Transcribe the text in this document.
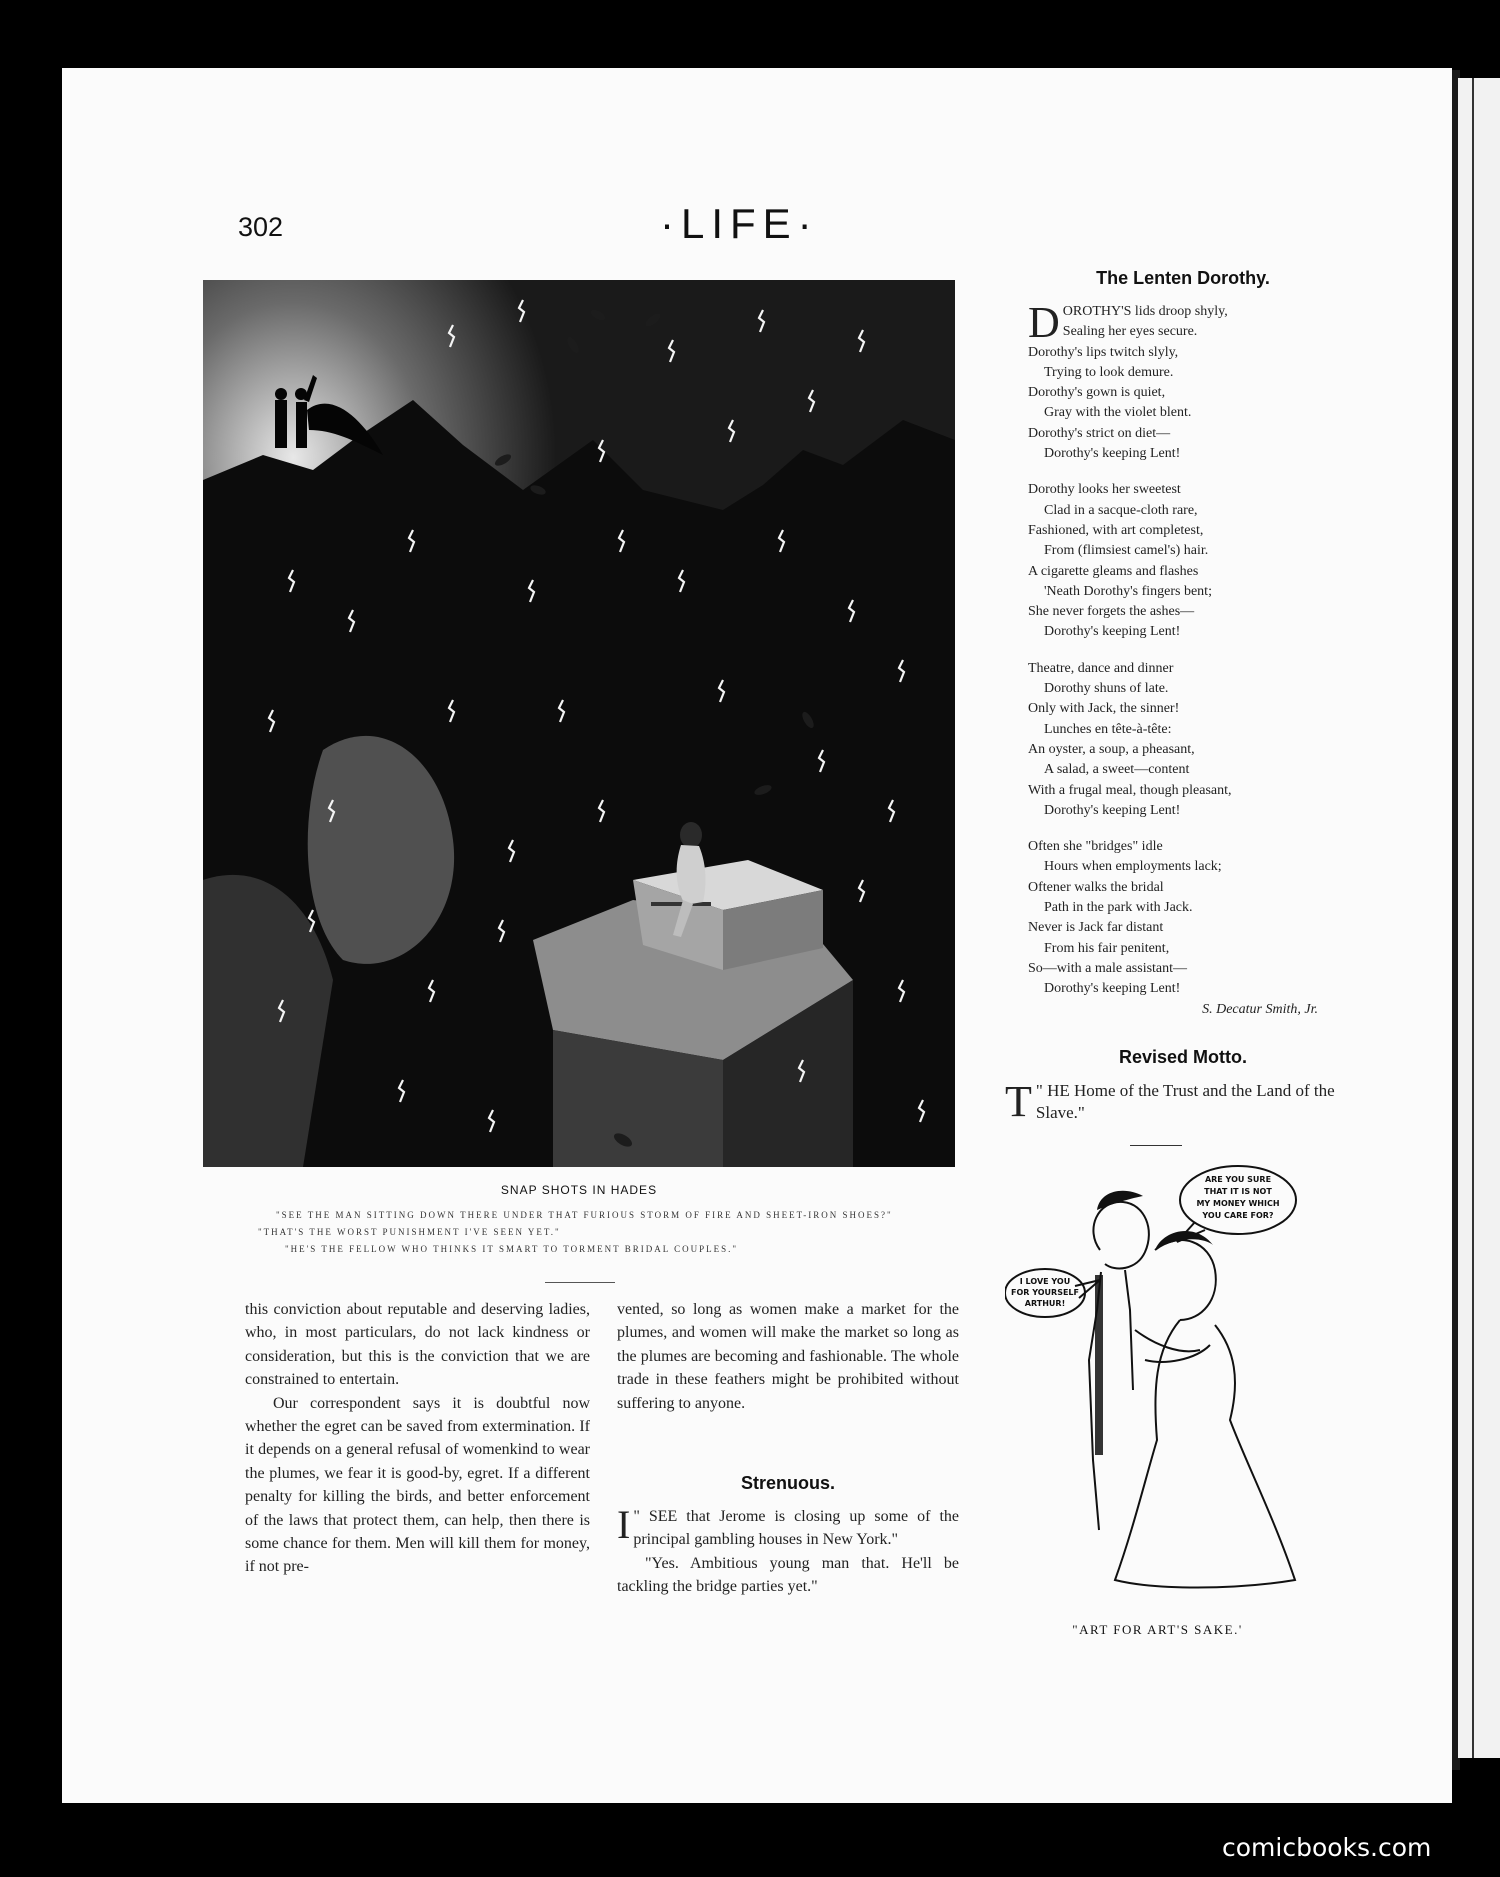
302	·LIFE·
SNAP SHOTS IN HADES
"SEE THE MAN SITTING DOWN THERE UNDER THAT FURIOUS STORM OF FIRE AND SHEET-IRON SHOES?"
"THAT'S THE WORST PUNISHMENT I'VE SEEN YET."
"HE'S THE FELLOW WHO THINKS IT SMART TO TORMENT BRIDAL COUPLES."

this conviction about reputable and deserving ladies, who, in most particulars, do not lack kindness or consideration, but this is the conviction that we are constrained to entertain.

Our correspondent says it is doubtful now whether the egret can be saved from extermination. If it depends on a general refusal of womenkind to wear the plumes, we fear it is good-by, egret. If a different penalty for killing the birds, and better enforcement of the laws that protect them, can help, then there is some chance for them. Men will kill them for money, if not pre-

vented, so long as women make a market for the plumes, and women will make the market so long as the plumes are becoming and fashionable. The whole trade in these feathers might be prohibited without suffering to anyone.

Strenuous.

"
I SEE that Jerome is closing up some of the principal gambling houses in New York."

"Yes. Ambitious young man that. He'll be tackling the bridge parties yet."

The Lenten Dorothy.
DOROTHY'S lids droop shyly,
Sealing her eyes secure.
Dorothy's lips twitch slyly,
Trying to look demure.
Dorothy's gown is quiet,
Gray with the violet blent.
Dorothy's strict on diet—
Dorothy's keeping Lent!
Dorothy looks her sweetest
Clad in a sacque-cloth rare,
Fashioned, with art completest,
From (flimsiest camel's) hair.
A cigarette gleams and flashes
'Neath Dorothy's fingers bent;
She never forgets the ashes—
Dorothy's keeping Lent!
Theatre, dance and dinner
Dorothy shuns of late.
Only with Jack, the sinner!
Lunches en tête-à-tête:
An oyster, a soup, a pheasant,
A salad, a sweet—content
With a frugal meal, though pleasant,
Dorothy's keeping Lent!
Often she "bridges" idle
Hours when employments lack;
Oftener walks the bridal
Path in the park with Jack.
Never is Jack far distant
From his fair penitent,
So—with a male assistant—
Dorothy's keeping Lent!
S. Decatur Smith, Jr.
Revised Motto.
"
T HE Home of the Trust and the Land of the Slave."
ARE YOU SURE
THAT IT IS NOT
MY MONEY WHICH
YOU CARE FOR?
I LOVE YOU
FOR YOURSELF
ARTHUR!
"ART FOR ART'S SAKE.'
comicbooks.com
